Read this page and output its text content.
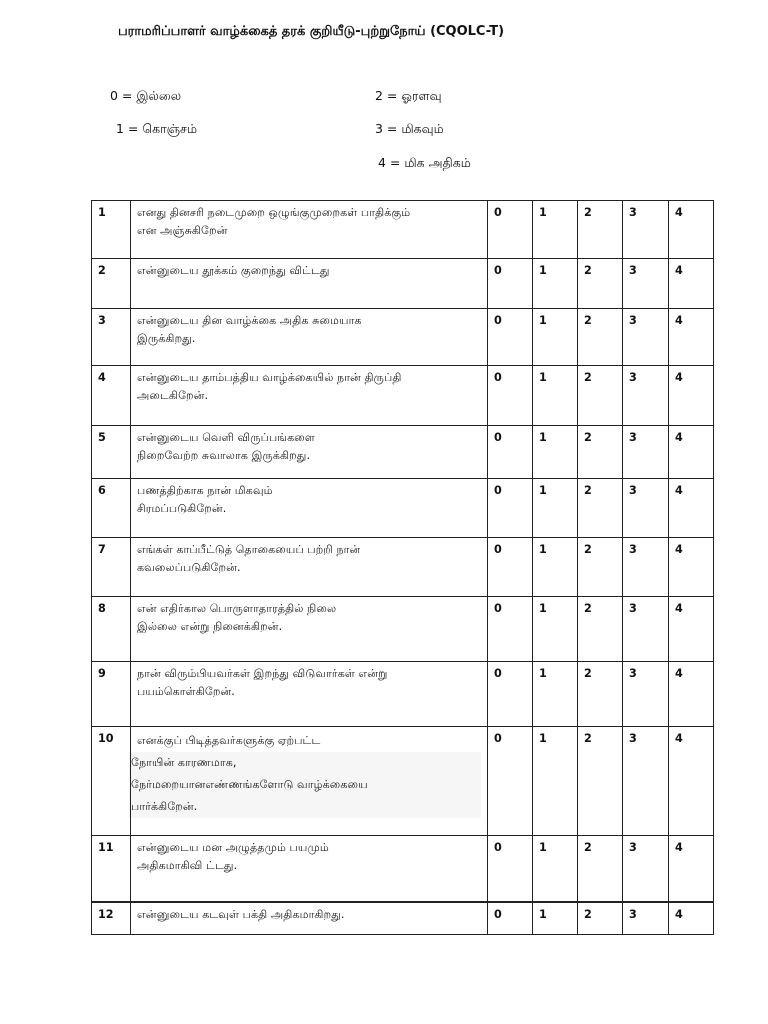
பராமரிப்பாளர் வாழ்க்கைத் தரக் குறியீடு-புற்றுநோய் (CQOLC-T)
0 = இல்லை
1 = கொஞ்சம்
2 = ஓரளவு
3 = மிகவும்
4 = மிக அதிகம்
1	எனது தினசரி நடைமுறை ஒழுங்குமுறைகள் பாதிக்கும்
என அஞ்சுகிறேன்	0	1	2	3	4
2	என்னுடைய தூக்கம் குறைந்து விட்டது	0	1	2	3	4
3	என்னுடைய தின வாழ்க்கை அதிக சுமையாக
இருக்கிறது.	0	1	2	3	4
4	என்னுடைய தாம்பத்திய வாழ்க்கையில் நான் திருப்தி
அடைகிறேன்.	0	1	2	3	4
5	என்னுடைய வெளி விருப்பங்களை
நிறைவேற்ற சுவாலாக இருக்கிறது.	0	1	2	3	4
6	பணத்திற்காக நான் மிகவும்
சிரமப்படுகிறேன்.	0	1	2	3	4
7	எங்கள் காப்பீட்டுத் தொகையைப் பற்றி நான்
கவலைப்படுகிறேன்.	0	1	2	3	4
8	என் எதிர்கால பொருளாதாரத்தில் நிலை
இல்லை என்று நினைக்கிறன்.	0	1	2	3	4
9	நான் விரும்பியவர்கள் இறந்து விடுவார்கள் என்று
பயம்கொள்கிறேன்.	0	1	2	3	4
10	எனக்குப் பிடித்தவர்களுக்கு ஏற்பட்ட
நோயின் காரணமாக,
நேர்மறையானஎண்ணங்களோடு வாழ்க்கையை
பார்க்கிறேன்.	0	1	2	3	4
11	என்னுடைய மன அழுத்தமும் பயமும்
அதிகமாகிவி ட்டது.	0	1	2	3	4
12	என்னுடைய கடவுள் பக்தி அதிகமாகிறது.	0	1	2	3	4
